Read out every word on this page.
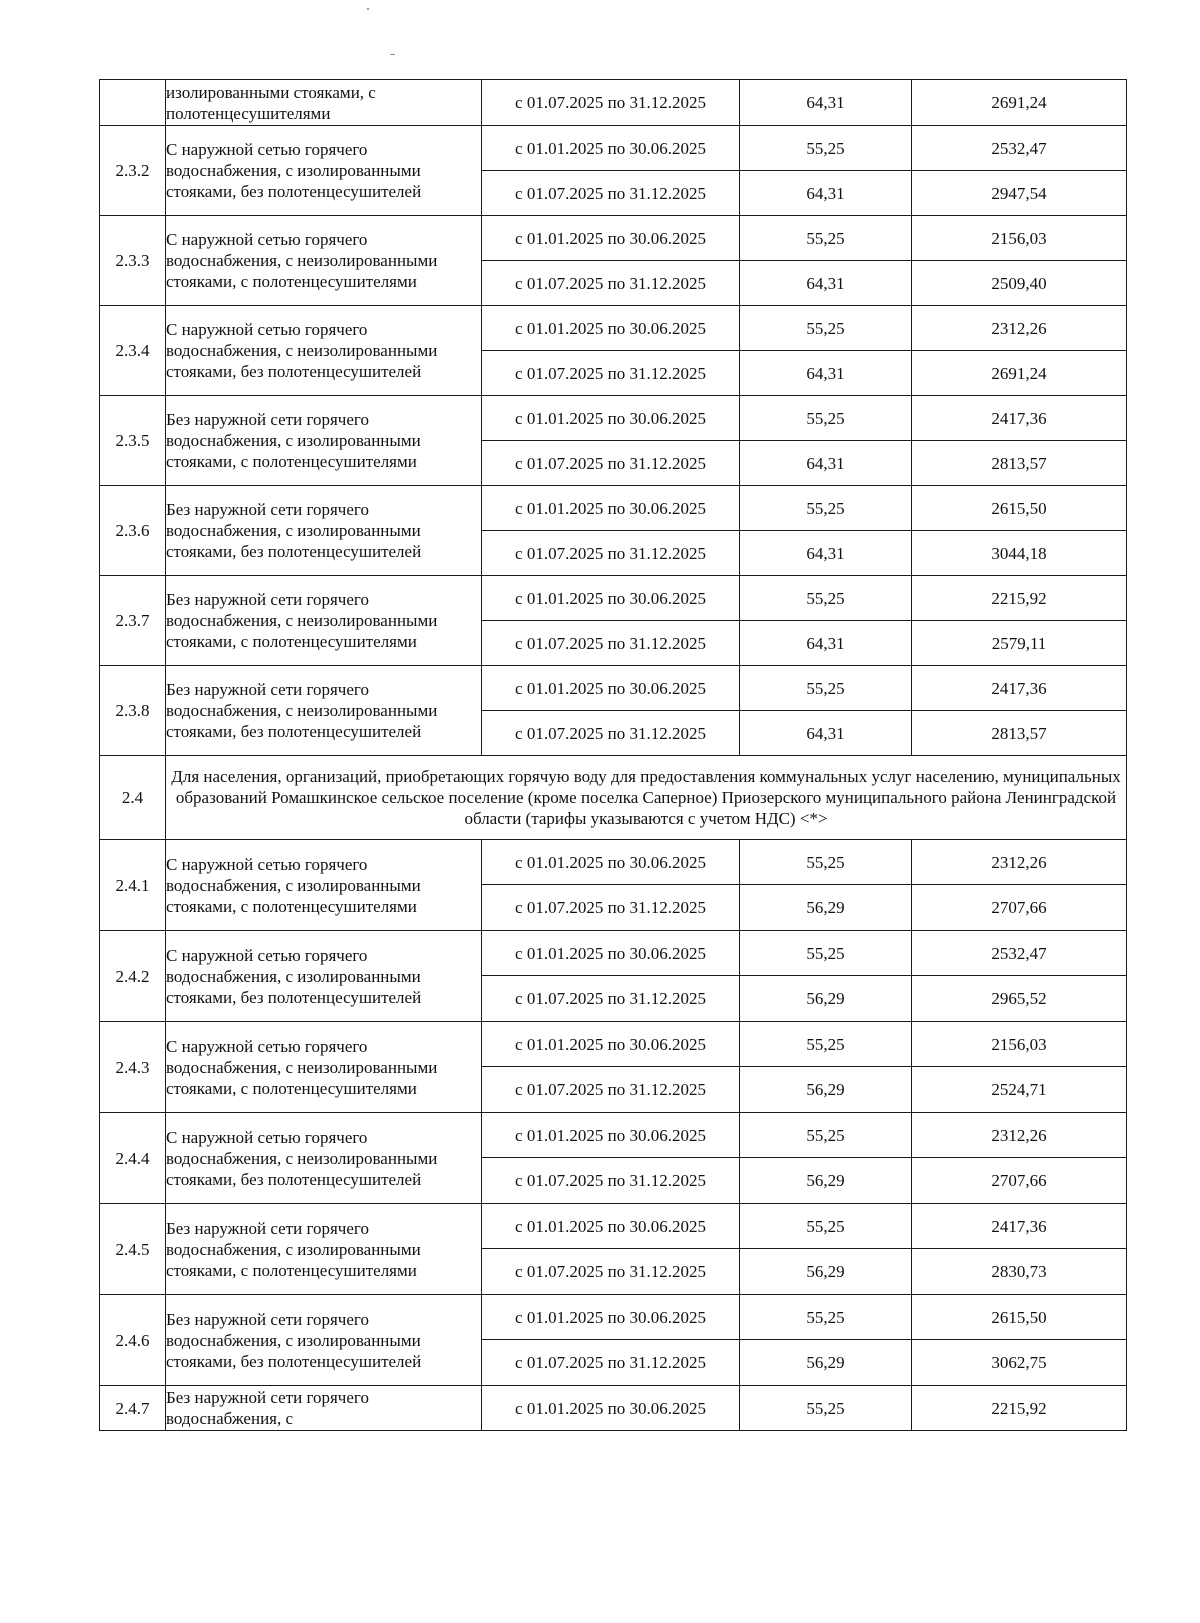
	изолированными стояками, с полотенцесушителями	с 01.07.2025 по 31.12.2025	64,31	2691,24
2.3.2	С наружной сетью горячего водоснабжения, с изолированными стояками, без полотенцесушителей	с 01.01.2025 по 30.06.2025	55,25	2532,47
		с 01.07.2025 по 31.12.2025	64,31	2947,54
2.3.3	С наружной сетью горячего водоснабжения, с неизолированными стояками, с полотенцесушителями	с 01.01.2025 по 30.06.2025	55,25	2156,03
		с 01.07.2025 по 31.12.2025	64,31	2509,40
2.3.4	С наружной сетью горячего водоснабжения, с неизолированными стояками, без полотенцесушителей	с 01.01.2025 по 30.06.2025	55,25	2312,26
		с 01.07.2025 по 31.12.2025	64,31	2691,24
2.3.5	Без наружной сети горячего водоснабжения, с изолированными стояками, с полотенцесушителями	с 01.01.2025 по 30.06.2025	55,25	2417,36
		с 01.07.2025 по 31.12.2025	64,31	2813,57
2.3.6	Без наружной сети горячего водоснабжения, с изолированными стояками, без полотенцесушителей	с 01.01.2025 по 30.06.2025	55,25	2615,50
		с 01.07.2025 по 31.12.2025	64,31	3044,18
2.3.7	Без наружной сети горячего водоснабжения, с неизолированными стояками, с полотенцесушителями	с 01.01.2025 по 30.06.2025	55,25	2215,92
		с 01.07.2025 по 31.12.2025	64,31	2579,11
2.3.8	Без наружной сети горячего водоснабжения, с неизолированными стояками, без полотенцесушителей	с 01.01.2025 по 30.06.2025	55,25	2417,36
		с 01.07.2025 по 31.12.2025	64,31	2813,57
2.4	Для населения, организаций, приобретающих горячую воду для предоставления коммунальных услуг населению, муниципальных образований Ромашкинское сельское поселение (кроме поселка Саперное) Приозерского муниципального района Ленинградской области (тарифы указываются с учетом НДС) <*>			
2.4.1	С наружной сетью горячего водоснабжения, с изолированными стояками, с полотенцесушителями	с 01.01.2025 по 30.06.2025	55,25	2312,26
		с 01.07.2025 по 31.12.2025	56,29	2707,66
2.4.2	С наружной сетью горячего водоснабжения, с изолированными стояками, без полотенцесушителей	с 01.01.2025 по 30.06.2025	55,25	2532,47
		с 01.07.2025 по 31.12.2025	56,29	2965,52
2.4.3	С наружной сетью горячего водоснабжения, с неизолированными стояками, с полотенцесушителями	с 01.01.2025 по 30.06.2025	55,25	2156,03
		с 01.07.2025 по 31.12.2025	56,29	2524,71
2.4.4	С наружной сетью горячего водоснабжения, с неизолированными стояками, без полотенцесушителей	с 01.01.2025 по 30.06.2025	55,25	2312,26
		с 01.07.2025 по 31.12.2025	56,29	2707,66
2.4.5	Без наружной сети горячего водоснабжения, с изолированными стояками, с полотенцесушителями	с 01.01.2025 по 30.06.2025	55,25	2417,36
		с 01.07.2025 по 31.12.2025	56,29	2830,73
2.4.6	Без наружной сети горячего водоснабжения, с изолированными стояками, без полотенцесушителей	с 01.01.2025 по 30.06.2025	55,25	2615,50
		с 01.07.2025 по 31.12.2025	56,29	3062,75
2.4.7	Без наружной сети горячего водоснабжения, с	с 01.01.2025 по 30.06.2025	55,25	2215,92
